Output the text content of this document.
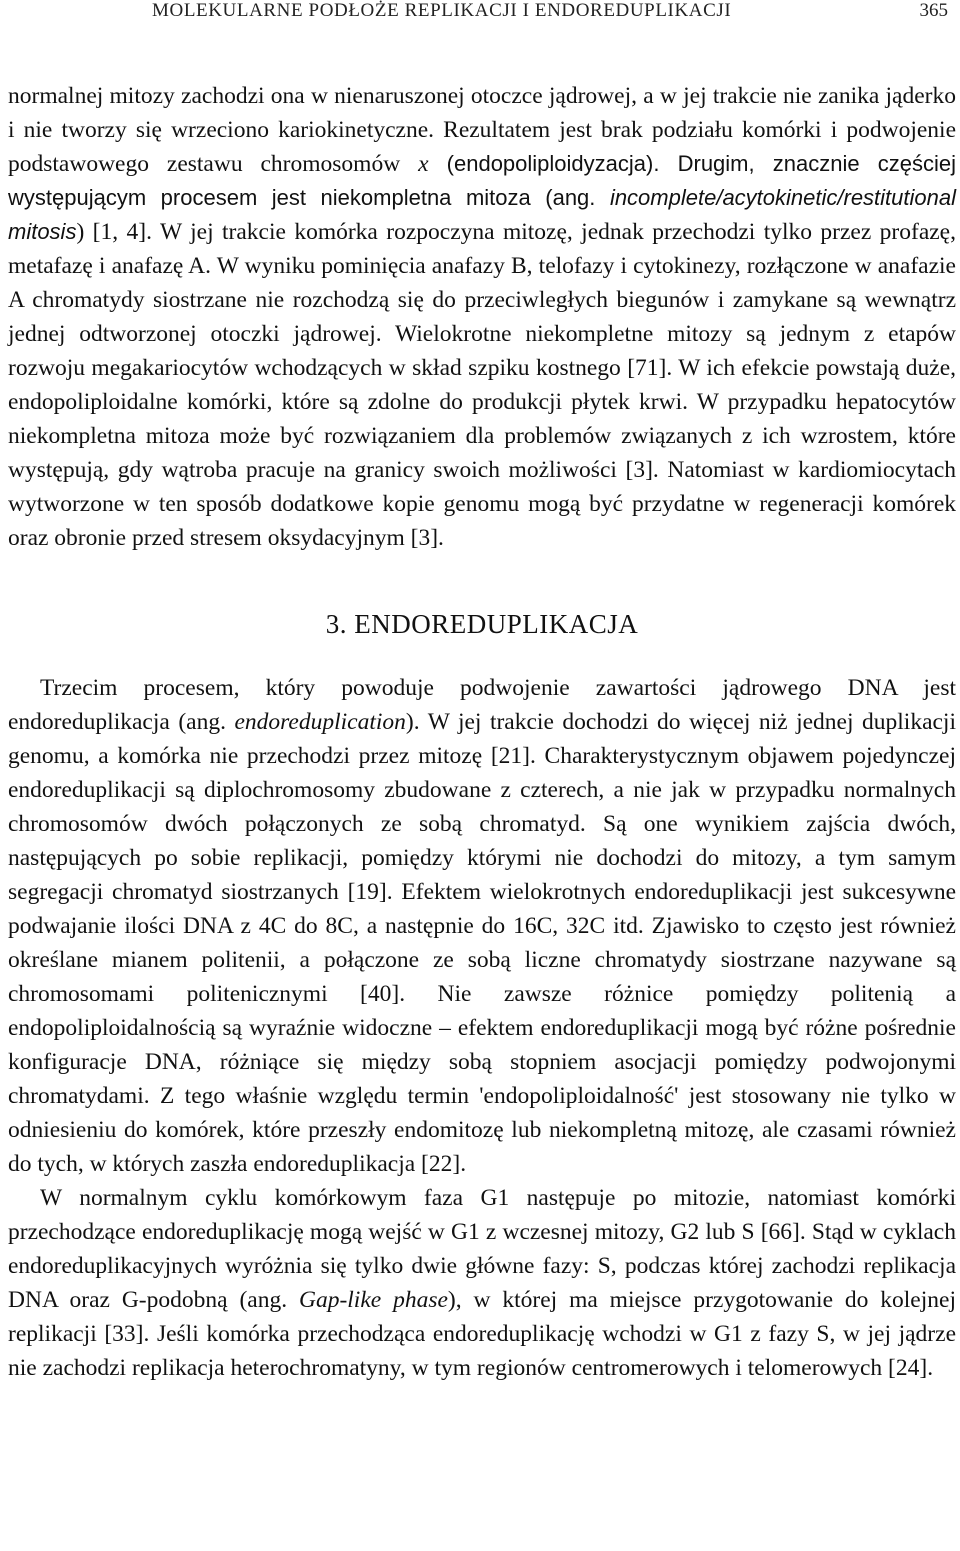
MOLEKULARNE PODŁOŻE REPLIKACJI I ENDOREDUPLIKACJI	365

normalnej mitozy zachodzi ona w nienaruszonej otoczce jądrowej, a w jej trakcie nie zanika jąderko i nie tworzy się wrzeciono kariokinetyczne. Rezultatem jest brak podziału komórki i podwojenie podstawowego zestawu chromosomów x (endopoliploidyzacja). Drugim, znacznie częściej występującym procesem jest niekompletna mitoza (ang. incomplete/acytokinetic/restitutional mitosis) [1, 4]. W jej trakcie komórka rozpoczyna mitozę, jednak przechodzi tylko przez profazę, metafazę i anafazę A. W wyniku pominięcia anafazy B, telofazy i cytokinezy, rozłączone w anafazie A chromatydy siostrzane nie rozchodzą się do przeciwległych biegunów i zamykane są wewnątrz jednej odtworzonej otoczki jądrowej. Wielokrotne niekompletne mitozy są jednym z etapów rozwoju megakariocytów wchodzących w skład szpiku kostnego [71]. W ich efekcie powstają duże, endopoliploidalne komórki, które są zdolne do produkcji płytek krwi. W przypadku hepatocytów niekompletna mitoza może być rozwiązaniem dla problemów związanych z ich wzrostem, które występują, gdy wątroba pracuje na granicy swoich możliwości [3]. Natomiast w kardiomiocytach wytworzone w ten sposób dodatkowe kopie genomu mogą być przydatne w regeneracji komórek oraz obronie przed stresem oksydacyjnym [3].

3. ENDOREDUPLIKACJA

Trzecim procesem, który powoduje podwojenie zawartości jądrowego DNA jest endoreduplikacja (ang. endoreduplication). W jej trakcie dochodzi do więcej niż jednej duplikacji genomu, a komórka nie przechodzi przez mitozę [21]. Charakterystycznym objawem pojedynczej endoreduplikacji są diplochromosomy zbudowane z czterech, a nie jak w przypadku normalnych chromosomów dwóch połączonych ze sobą chromatyd. Są one wynikiem zajścia dwóch, następujących po sobie replikacji, pomiędzy którymi nie dochodzi do mitozy, a tym samym segregacji chromatyd siostrzanych [19]. Efektem wielokrotnych endoreduplikacji jest sukcesywne podwajanie ilości DNA z 4C do 8C, a następnie do 16C, 32C itd. Zjawisko to często jest również określane mianem politenii, a połączone ze sobą liczne chromatydy siostrzane nazywane są chromosomami politenicznymi [40]. Nie zawsze różnice pomiędzy politenią a endopoliploidalnością są wyraźnie widoczne – efektem endoreduplikacji mogą być różne pośrednie konfiguracje DNA, różniące się między sobą stopniem asocjacji pomiędzy podwojonymi chromatydami. Z tego właśnie względu termin 'endopoliploidalność' jest stosowany nie tylko w odniesieniu do komórek, które przeszły endomitozę lub niekompletną mitozę, ale czasami również do tych, w których zaszła endoreduplikacja [22].

W normalnym cyklu komórkowym faza G1 następuje po mitozie, natomiast komórki przechodzące endoreduplikację mogą wejść w G1 z wczesnej mitozy, G2 lub S [66]. Stąd w cyklach endoreduplikacyjnych wyróżnia się tylko dwie główne fazy: S, podczas której zachodzi replikacja DNA oraz G-podobną (ang. Gap-like phase), w której ma miejsce przygotowanie do kolejnej replikacji [33]. Jeśli komórka przechodząca endoreduplikację wchodzi w G1 z fazy S, w jej jądrze nie zachodzi replikacja heterochromatyny, w tym regionów centromerowych i telomerowych [24].
